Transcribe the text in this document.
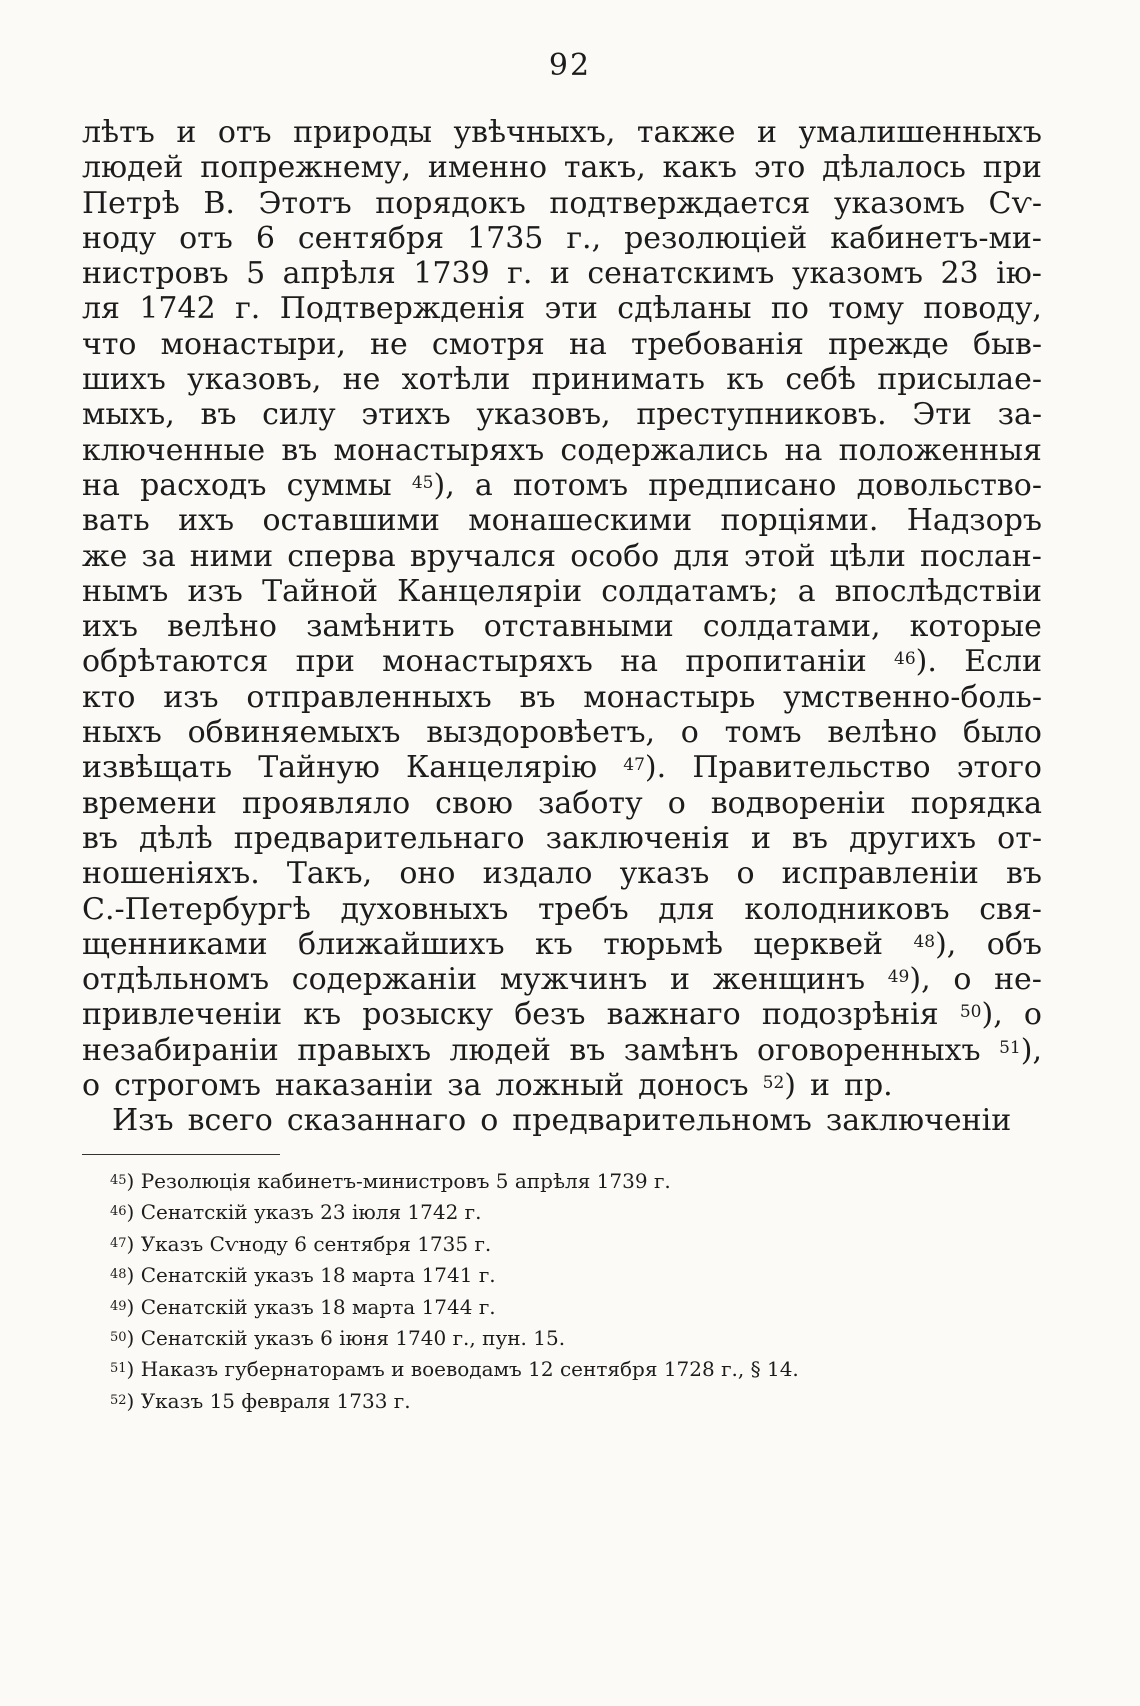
92
лѣтъ и отъ природы увѣчныхъ, также и умалишенныхъ
людей попрежнему, именно такъ, какъ это дѣлалось при
Петрѣ В. Этотъ порядокъ подтверждается указомъ Сѵ-
ноду отъ 6 сентября 1735 г., резолюціей кабинетъ-ми-
нистровъ 5 апрѣля 1739 г. и сенатскимъ указомъ 23 ію-
ля 1742 г. Подтвержденія эти сдѣланы по тому поводу,
что монастыри, не смотря на требованія прежде быв-
шихъ указовъ, не хотѣли принимать къ себѣ присылае-
мыхъ, въ силу этихъ указовъ, преступниковъ. Эти за-
ключенные въ монастыряхъ содержались на положенныя
на расходъ суммы $^{45}$), а потомъ предписано довольство-
вать ихъ оставшими монашескими порціями. Надзоръ
же за ними сперва вручался особо для этой цѣли послан-
нымъ изъ Тайной Канцеляріи солдатамъ; а впослѣдствіи
ихъ велѣно замѣнить отставными солдатами, которые
обрѣтаются при монастыряхъ на пропитаніи $^{46}$). Если
кто изъ отправленныхъ въ монастырь умственно-боль-
ныхъ обвиняемыхъ выздоровѣетъ, о томъ велѣно было
извѣщать Тайную Канцелярію $^{47}$). Правительство этого
времени проявляло свою заботу о водвореніи порядка
въ дѣлѣ предварительнаго заключенія и въ другихъ от-
ношеніяхъ. Такъ, оно издало указъ о исправленіи въ
С.-Петербургѣ духовныхъ требъ для колодниковъ свя-
щенниками ближайшихъ къ тюрьмѣ церквей $^{48}$), объ
отдѣльномъ содержаніи мужчинъ и женщинъ $^{49}$), о не-
привлеченіи къ розыску безъ важнаго подозрѣнія $^{50}$), о
незабираніи правыхъ людей въ замѣнъ оговоренныхъ $^{51}$),
о строгомъ наказаніи за ложный доносъ $^{52}$) и пр.
Изъ всего сказаннаго о предварительномъ заключеніи
$^{45}$) Резолюція кабинетъ-министровъ 5 апрѣля 1739 г.
$^{46}$) Сенатскій указъ 23 іюля 1742 г.
$^{47}$) Указъ Сѵноду 6 сентября 1735 г.
$^{48}$) Сенатскій указъ 18 марта 1741 г.
$^{49}$) Сенатскій указъ 18 марта 1744 г.
$^{50}$) Сенатскій указъ 6 іюня 1740 г., пун. 15.
$^{51}$) Наказъ губернаторамъ и воеводамъ 12 сентября 1728 г., § 14.
$^{52}$) Указъ 15 февраля 1733 г.
